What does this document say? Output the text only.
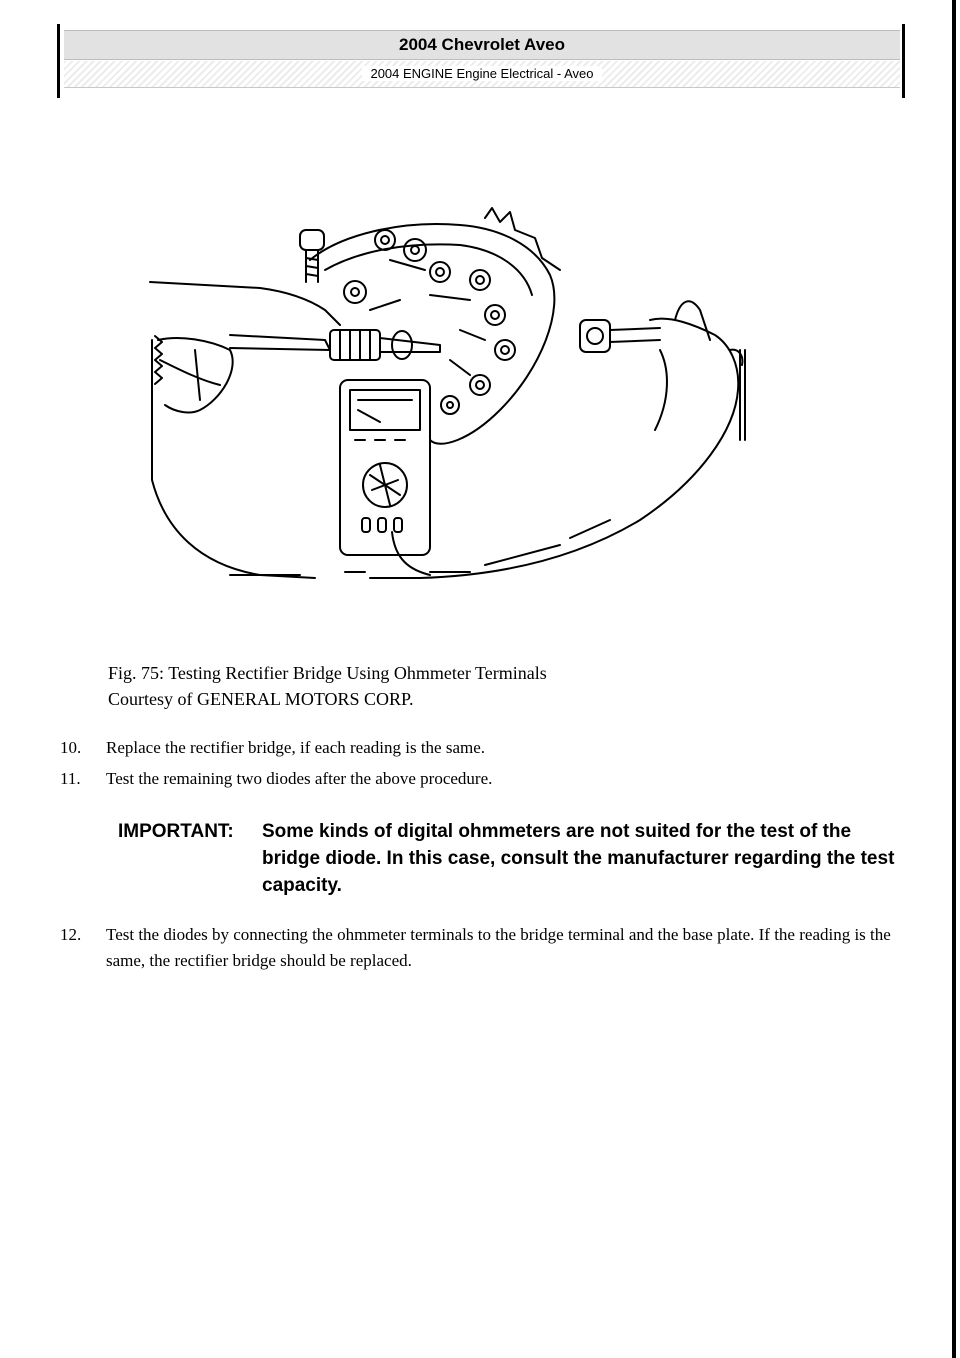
2004 Chevrolet Aveo
2004 ENGINE Engine Electrical - Aveo
Fig. 75: Testing Rectifier Bridge Using Ohmmeter Terminals
Courtesy of GENERAL MOTORS CORP.
10.	Replace the rectifier bridge, if each reading is the same.
11.	Test the remaining two diodes after the above procedure.
IMPORTANT:	Some kinds of digital ohmmeters are not suited for the test of the bridge diode. In this case, consult the manufacturer regarding the test capacity.
12.	Test the diodes by connecting the ohmmeter terminals to the bridge terminal and the base plate. If the reading is the same, the rectifier bridge should be replaced.
